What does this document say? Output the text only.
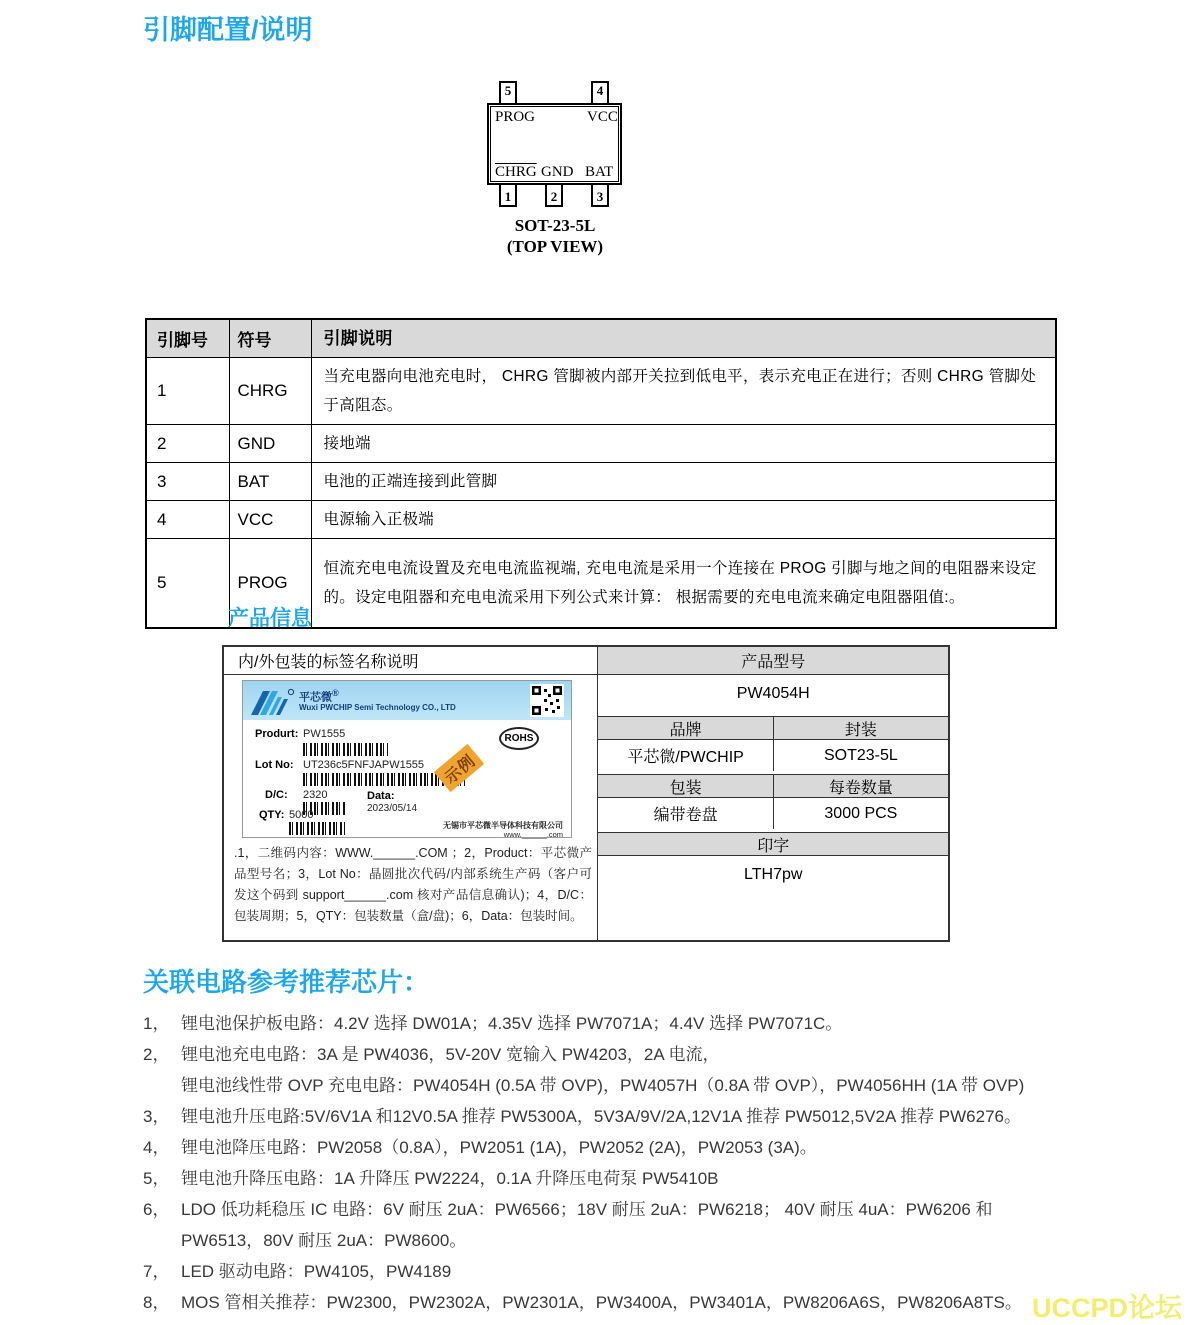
引脚配置/说明
5	4
1	2	3
PROG	VCC
CHRG GND BAT
SOT-23-5L
(TOP VIEW)
引脚号	符号	引脚说明
1	CHRG	当充电器向电池充电时， CHRG 管脚被内部开关拉到低电平，表示充电正在进行；否则 CHRG 管脚处于高阻态。
2	GND	接地端
3	BAT	电池的正端连接到此管脚
4	VCC	电源输入正极端
5	PROG	恒流充电电流设置及充电电流监视端, 充电电流是采用一个连接在 PROG 引脚与地之间的电阻器来设定的。设定电阻器和充电电流采用下列公式来计算： 根据需要的充电电流来确定电阻器阻值:。
产品信息
内/外包装的标签名称说明
平芯微®
Wuxi PWCHIP Semi Technology CO., LTD
Produrt: PW1555
Lot No: UT236c5FNFJAPW1555
D/C: 2320	Data:
2023/05/14
QTY: 5000
ROHS
示例
无锡市平芯微半导体科技有限公司
www.______.com
.1，二维码内容：WWW.______.COM ；2，Product：平芯微产品型号名；3，Lot No：晶圆批次代码/内部系统生产码（客户可发这个码到 support______.com 核对产品信息确认)；4，D/C：包装周期；5，QTY：包装数量（盒/盘)；6，Data：包装时间。
产品型号
PW4054H
品牌	封装
平芯微/PWCHIP	SOT23-5L
包装	每卷数量
编带卷盘	3000 PCS
印字
LTH7pw
关联电路参考推荐芯片：
1， 锂电池保护板电路：4.2V 选择 DW01A；4.35V 选择 PW7071A；4.4V 选择 PW7071C。
2， 锂电池充电电路：3A 是 PW4036，5V-20V 宽输入 PW4203，2A 电流，
锂电池线性带 OVP 充电电路：PW4054H (0.5A 带 OVP)，PW4057H（0.8A 带 OVP），PW4056HH (1A 带 OVP)
3， 锂电池升压电路:5V/6V1A 和12V0.5A 推荐 PW5300A，5V3A/9V/2A,12V1A 推荐 PW5012,5V2A 推荐 PW6276。
4， 锂电池降压电路：PW2058（0.8A），PW2051 (1A)，PW2052 (2A)，PW2053 (3A)。
5， 锂电池升降压电路：1A 升降压 PW2224，0.1A 升降压电荷泵 PW5410B
6， LDO 低功耗稳压 IC 电路：6V 耐压 2uA：PW6566；18V 耐压 2uA：PW6218； 40V 耐压 4uA：PW6206 和
PW6513，80V 耐压 2uA：PW8600。
7， LED 驱动电路：PW4105，PW4189
8， MOS 管相关推荐：PW2300，PW2302A，PW2301A，PW3400A，PW3401A，PW8206A6S，PW8206A8TS。 UCCPD论坛
